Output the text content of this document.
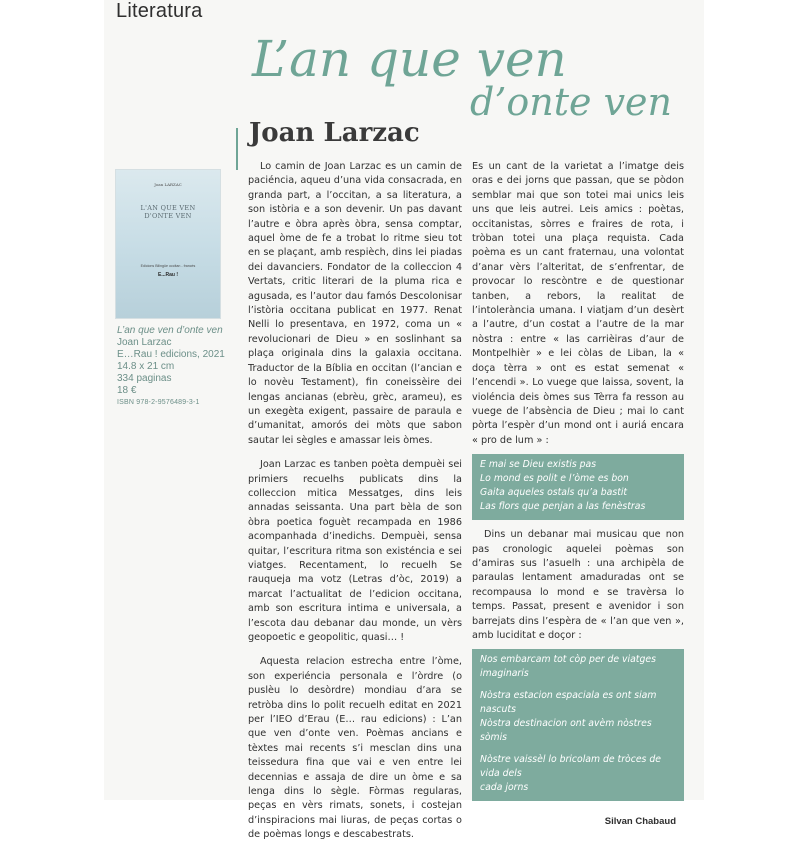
Literatura
L’an que ven
d’onte ven
Joan Larzac
Joan LARZAC
L'AN QUE VEN
D'ONTE VEN
Edicions Bilingüe occitan - francés
E...Rau !
L’an que ven d’onte ven
Joan Larzac
E…Rau ! edicions, 2021
14.8 x 21 cm
334 paginas
18 €
ISBN 978-2-9576489-3-1

Lo camin de Joan Larzac es un camin de paciéncia, aqueu d’una vida consacrada, en granda part, a l’occitan, a sa literatura, a son istòria e a son devenir. Un pas davant l’autre e òbra après òbra, sensa comptar, aquel òme de fe a trobat lo ritme sieu tot en se plaçant, amb respièch, dins lei piadas dei davanciers. Fondator de la colleccion 4 Vertats, critic literari de la pluma rica e agusada, es l’autor dau famós Descolonisar l’istòria occitana publicat en 1977. Renat Nelli lo presentava, en 1972, coma un « revolucionari de Dieu » en soslinhant sa plaça originala dins la galaxia occitana. Traductor de la Bíblia en occitan (l’ancian e lo novèu Testament), fin coneissèire dei lengas ancianas (ebrèu, grèc, arameu), es un exegèta exigent, passaire de paraula e d’umanitat, amorós dei mòts que sabon sautar lei sègles e amassar leis òmes.

Joan Larzac es tanben poèta dempuèi sei primiers recuelhs publicats dins la colleccion mitica Messatges, dins leis annadas seissanta. Una part bèla de son òbra poetica foguèt recampada en 1986 acompanhada d’inedichs. Dempuèi, sensa quitar, l’escritura ritma son existéncia e sei viatges. Recentament, lo recuelh Se rauqueja ma votz (Letras d’òc, 2019) a marcat l’actualitat de l’edicion occitana, amb son escritura intima e universala, a l’escota dau debanar dau monde, un vèrs geopoetic e geopolitic, quasi… !

Aquesta relacion estrecha entre l’òme, son experiéncia personala e l’òrdre (o puslèu lo desòrdre) mondiau d’ara se retròba dins lo polit recuelh editat en 2021 per l’IEO d’Erau (E… rau edicions) : L’an que ven d’onte ven. Poèmas ancians e tèxtes mai recents s’i mesclan dins una teissedura fina que vai e ven entre lei decennias e assaja de dire un òme e sa lenga dins lo sègle. Fòrmas regularas, peças en vèrs rimats, sonets, i costejan d’inspiracions mai liuras, de peças cortas o de poèmas longs e descabestrats.

Es un cant de la varietat a l’imatge deis oras e dei jorns que passan, que se pòdon semblar mai que son totei mai unics leis uns que leis autrei. Leis amics : poètas, occitanistas, sòrres e fraires de rota, i tròban totei una plaça requista. Cada poèma es un cant fraternau, una volontat d’anar vèrs l’alteritat, de s’enfrentar, de provocar lo rescòntre e de questionar tanben, a rebors, la realitat de l’intolerància umana. I viatjam d’un desèrt a l’autre, d’un costat a l’autre de la mar nòstra : entre « las carrièiras d’aur de Montpelhièr » e lei còlas de Liban, la « doça tèrra » ont es estat semenat « l’encendi ». Lo vuege que laissa, sovent, la violéncia deis òmes sus Tèrra fa resson au vuege de l’absència de Dieu ; mai lo cant pòrta l’espèr d’un mond ont i auriá encara « pro de lum » :

E mai se Dieu existis pas
Lo mond es polit e l’òme es bon
Gaita aqueles ostals qu’a bastit
Las flors que penjan a las fenèstras

Dins un debanar mai musicau que non pas cronologic aquelei poèmas son d’amiras sus l’asuelh : una archipèla de paraulas lentament amaduradas ont se recompausa lo mond e se travèrsa lo temps. Passat, present e avenidor i son barrejats dins l’espèra de « l’an que ven », amb luciditat e doçor :

Nos embarcam tot còp per de viatges imaginaris
Nòstra estacion espaciala es ont siam nascuts
Nòstra destinacion ont avèm nòstres sòmis
Nòstre vaissèl lo bricolam de tròces de vida dels
cada jorns
Silvan Chabaud
